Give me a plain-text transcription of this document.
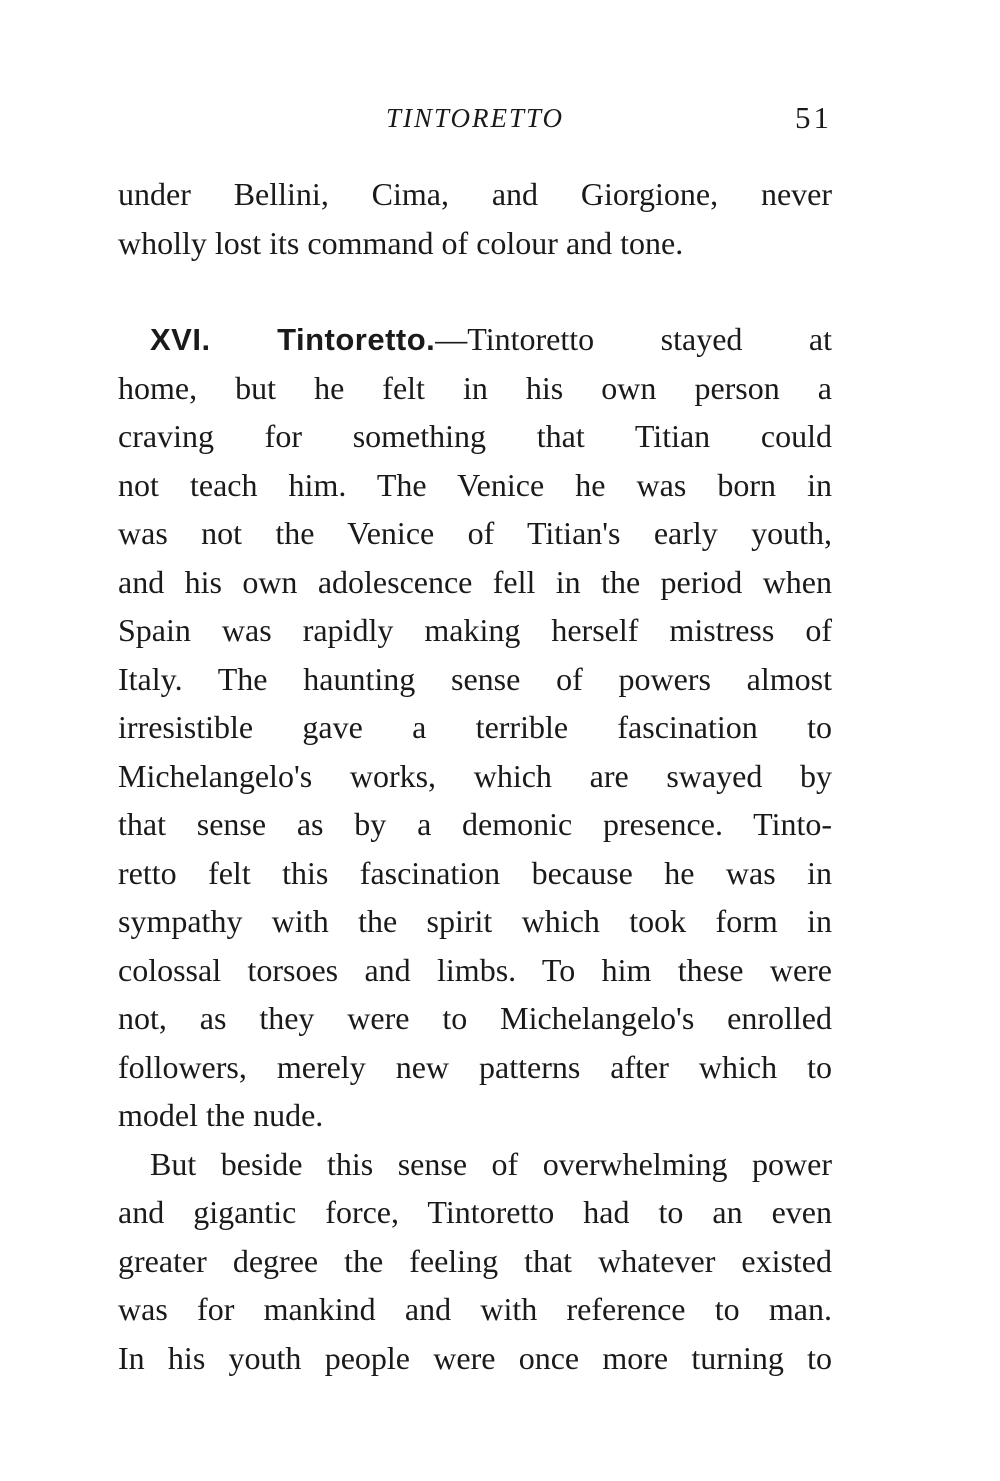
TINTORETTO	51
under Bellini, Cima, and Giorgione, never
wholly lost its command of colour and tone.
XVI. Tintoretto.—Tintoretto stayed at
home, but he felt in his own person a
craving for something that Titian could
not teach him. The Venice he was born in
was not the Venice of Titian's early youth,
and his own adolescence fell in the period when
Spain was rapidly making herself mistress of
Italy. The haunting sense of powers almost
irresistible gave a terrible fascination to
Michelangelo's works, which are swayed by
that sense as by a demonic presence. Tinto-
retto felt this fascination because he was in
sympathy with the spirit which took form in
colossal torsoes and limbs. To him these were
not, as they were to Michelangelo's enrolled
followers, merely new patterns after which to
model the nude.
But beside this sense of overwhelming power
and gigantic force, Tintoretto had to an even
greater degree the feeling that whatever existed
was for mankind and with reference to man.
In his youth people were once more turning to
